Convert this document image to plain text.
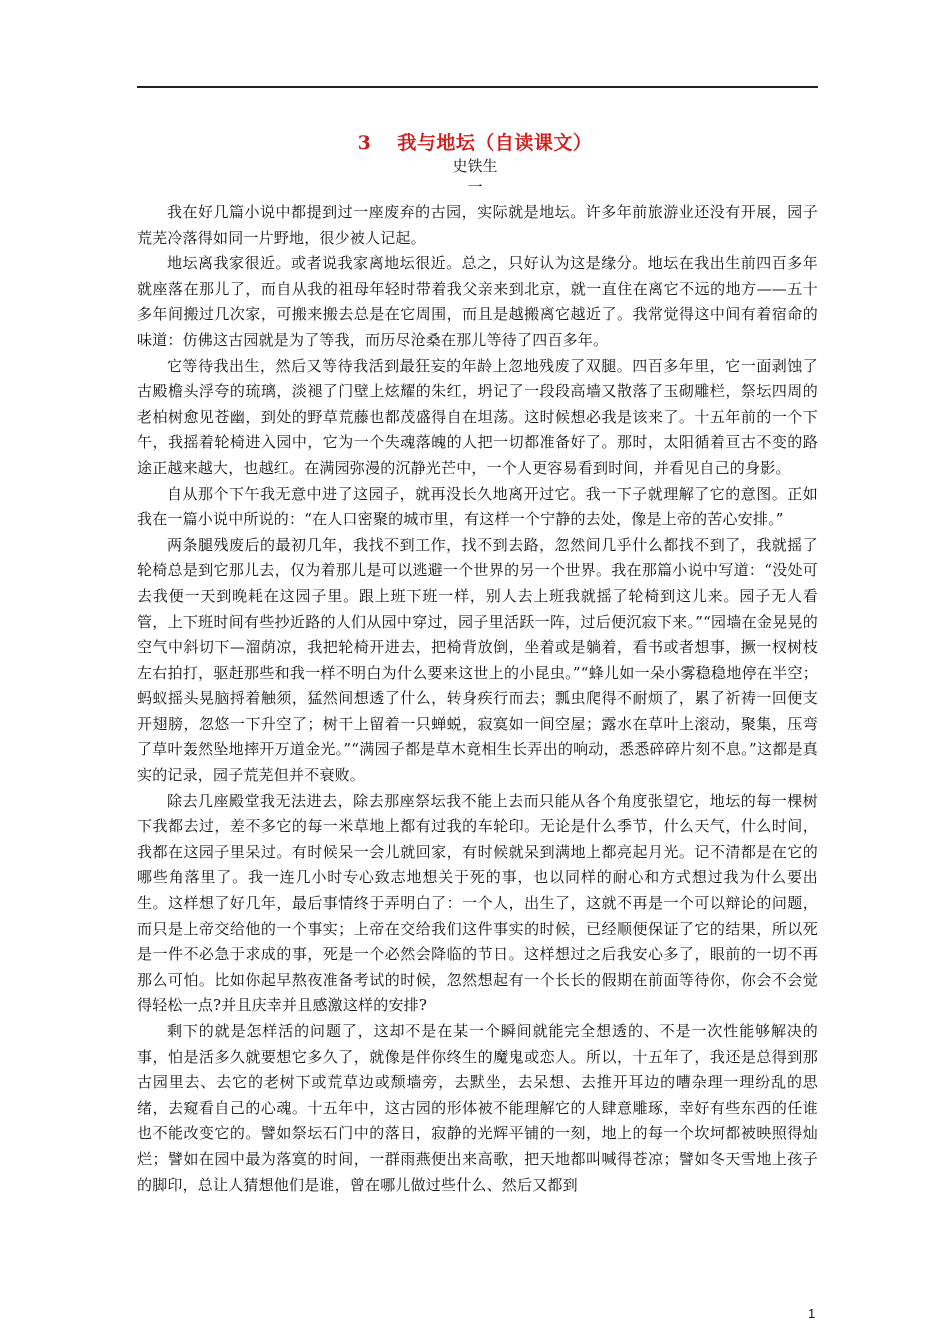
3 我与地坛（自读课文）
史铁生
一

我在好几篇小说中都提到过一座废弃的古园，实际就是地坛。许多年前旅游业还没有开展，园子荒芜冷落得如同一片野地，很少被人记起。

地坛离我家很近。或者说我家离地坛很近。总之，只好认为这是缘分。地坛在我出生前四百多年就座落在那儿了，而自从我的祖母年轻时带着我父亲来到北京，就一直住在离它不远的地方——五十多年间搬过几次家，可搬来搬去总是在它周围，而且是越搬离它越近了。我常觉得这中间有着宿命的味道：仿佛这古园就是为了等我，而历尽沧桑在那儿等待了四百多年。

它等待我出生，然后又等待我活到最狂妄的年龄上忽地残废了双腿。四百多年里，它一面剥蚀了古殿檐头浮夸的琉璃，淡褪了门壁上炫耀的朱红，坍记了一段段高墙又散落了玉砌雕栏，祭坛四周的老柏树愈见苍幽，到处的野草荒藤也都茂盛得自在坦荡。这时候想必我是该来了。十五年前的一个下午，我摇着轮椅进入园中，它为一个失魂落魄的人把一切都准备好了。那时，太阳循着亘古不变的路途正越来越大，也越红。在满园弥漫的沉静光芒中，一个人更容易看到时间，并看见自己的身影。

自从那个下午我无意中进了这园子，就再没长久地离开过它。我一下子就理解了它的意图。正如我在一篇小说中所说的：“在人口密聚的城市里，有这样一个宁静的去处，像是上帝的苦心安排。”

两条腿残废后的最初几年，我找不到工作，找不到去路，忽然间几乎什么都找不到了，我就摇了轮椅总是到它那儿去，仅为着那儿是可以逃避一个世界的另一个世界。我在那篇小说中写道：“没处可去我便一天到晚耗在这园子里。跟上班下班一样，别人去上班我就摇了轮椅到这儿来。园子无人看管，上下班时间有些抄近路的人们从园中穿过，园子里活跃一阵，过后便沉寂下来。”“园墙在金晃晃的空气中斜切下—溜荫凉，我把轮椅开进去，把椅背放倒，坐着或是躺着，看书或者想事，撅一杈树枝左右拍打，驱赶那些和我一样不明白为什么要来这世上的小昆虫。”“蜂儿如一朵小雾稳稳地停在半空；蚂蚁摇头晃脑捋着触须，猛然间想透了什么，转身疾行而去；瓢虫爬得不耐烦了，累了祈祷一回便支开翅膀，忽悠一下升空了；树干上留着一只蝉蜕，寂寞如一间空屋；露水在草叶上滚动，聚集，压弯了草叶轰然坠地摔开万道金光。”“满园子都是草木竟相生长弄出的响动，悉悉碎碎片刻不息。”这都是真实的记录，园子荒芜但并不衰败。

除去几座殿堂我无法进去，除去那座祭坛我不能上去而只能从各个角度张望它，地坛的每一棵树下我都去过，差不多它的每一米草地上都有过我的车轮印。无论是什么季节，什么天气，什么时间，我都在这园子里呆过。有时候呆一会儿就回家，有时候就呆到满地上都亮起月光。记不清都是在它的哪些角落里了。我一连几小时专心致志地想关于死的事，也以同样的耐心和方式想过我为什么要出生。这样想了好几年，最后事情终于弄明白了：一个人，出生了，这就不再是一个可以辩论的问题，而只是上帝交给他的一个事实；上帝在交给我们这件事实的时候，已经顺便保证了它的结果，所以死是一件不必急于求成的事，死是一个必然会降临的节日。这样想过之后我安心多了，眼前的一切不再那么可怕。比如你起早熬夜准备考试的时候，忽然想起有一个长长的假期在前面等待你，你会不会觉得轻松一点?并且庆幸并且感激这样的安排?

剩下的就是怎样活的问题了，这却不是在某一个瞬间就能完全想透的、不是一次性能够解决的事，怕是活多久就要想它多久了，就像是伴你终生的魔鬼或恋人。所以，十五年了，我还是总得到那古园里去、去它的老树下或荒草边或颓墙旁，去默坐，去呆想、去推开耳边的嘈杂理一理纷乱的思绪，去窥看自己的心魂。十五年中，这古园的形体被不能理解它的人肆意雕琢，幸好有些东西的任谁也不能改变它的。譬如祭坛石门中的落日，寂静的光辉平铺的一刻，地上的每一个坎坷都被映照得灿烂；譬如在园中最为落寞的时间，一群雨燕便出来高歌，把天地都叫喊得苍凉；譬如冬天雪地上孩子的脚印，总让人猜想他们是谁，曾在哪儿做过些什么、然后又都到

1
